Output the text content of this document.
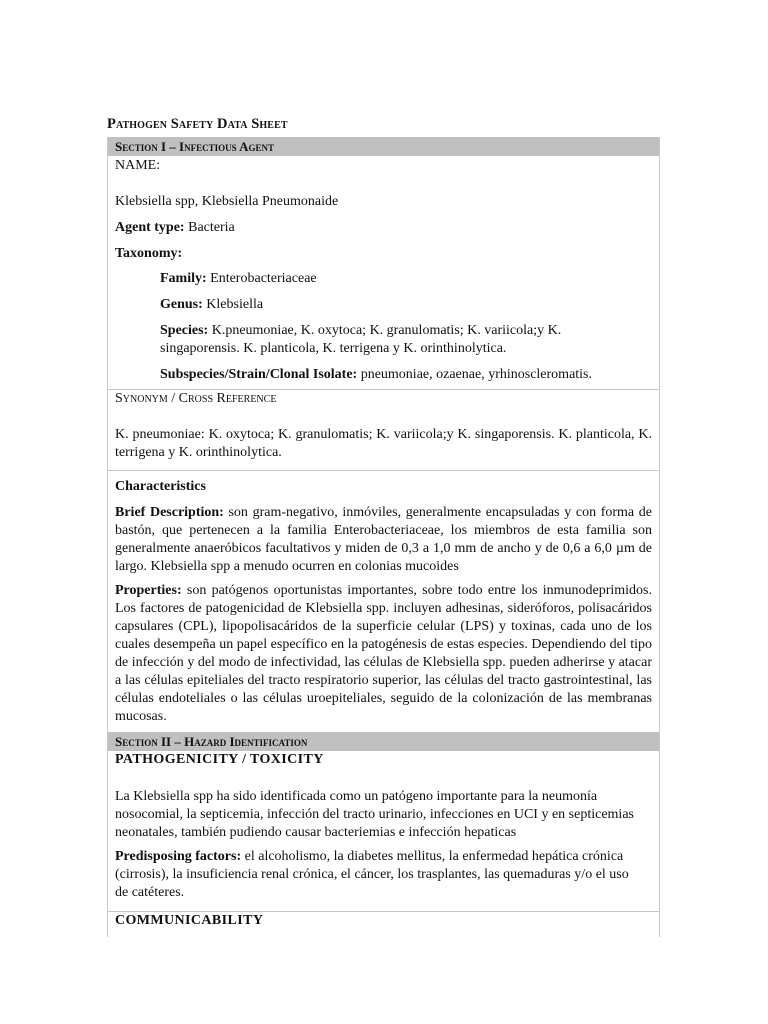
Pathogen Safety Data Sheet
Section I – Infectious Agent
NAME:
Klebsiella spp, Klebsiella Pneumonaide
Agent type: Bacteria
Taxonomy:
Family: Enterobacteriaceae
Genus: Klebsiella
Species: K.pneumoniae, K. oxytoca; K. granulomatis; K. variicola;y K.
singaporensis. K. planticola, K. terrigena y K. orinthinolytica.
Subspecies/Strain/Clonal Isolate: pneumoniae, ozaenae, yrhinoscleromatis.
Synonym / Cross Reference
K. pneumoniae: K. oxytoca; K. granulomatis; K. variicola;y K. singaporensis. K. planticola, K. terrigena y K. orinthinolytica.
Characteristics

Brief Description: son gram-negativo, inmóviles, generalmente encapsuladas y con forma de bastón, que pertenecen a la familia Enterobacteriaceae, los miembros de esta familia son generalmente anaeróbicos facultativos y miden de 0,3 a 1,0 mm de ancho y de 0,6 a 6,0 µm de largo. Klebsiella spp a menudo ocurren en colonias mucoides

Properties: son patógenos oportunistas importantes, sobre todo entre los inmunodeprimidos. Los factores de patogenicidad de Klebsiella spp. incluyen adhesinas, sideróforos, polisacáridos capsulares (CPL), lipopolisacáridos de la superficie celular (LPS) y toxinas, cada uno de los cuales desempeña un papel específico en la patogénesis de estas especies. Dependiendo del tipo de infección y del modo de infectividad, las células de Klebsiella spp. pueden adherirse y atacar a las células epiteliales del tracto respiratorio superior, las células del tracto gastrointestinal, las células endoteliales o las células uroepiteliales, seguido de la colonización de las membranas mucosas.

Section II – Hazard Identification
PATHOGENICITY / TOXICITY

La Klebsiella spp ha sido identificada como un patógeno importante para la neumonía nosocomial, la septicemia, infección del tracto urinario, infecciones en UCI y en septicemias neonatales, también pudiendo causar bacteriemias e infección hepaticas

Predisposing factors: el alcoholismo, la diabetes mellitus, la enfermedad hepática crónica (cirrosis), la insuficiencia renal crónica, el cáncer, los trasplantes, las quemaduras y/o el uso de catéteres.

COMMUNICABILITY
